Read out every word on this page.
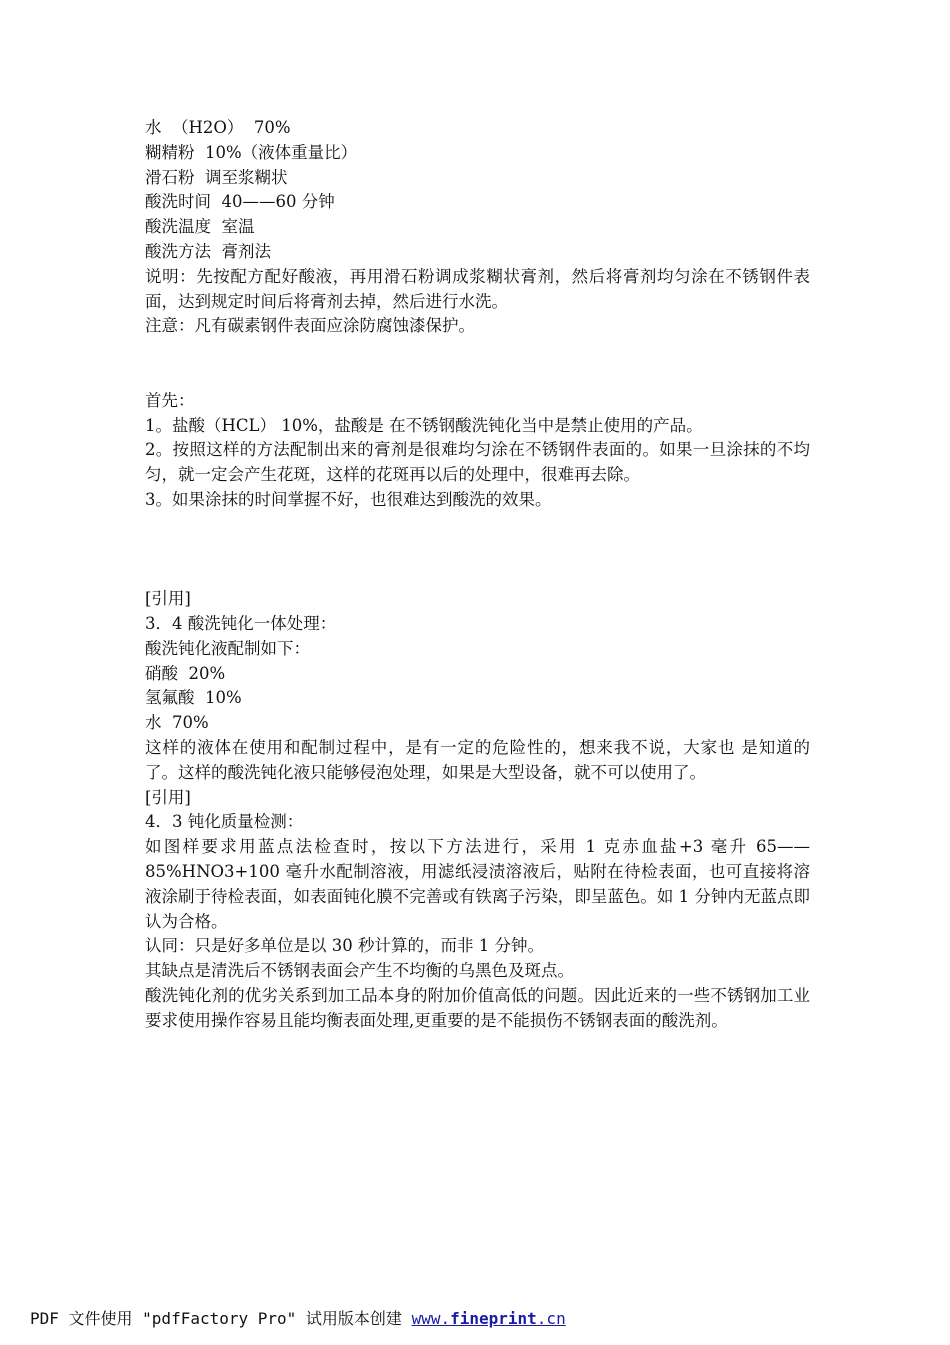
水  （H2O）  70%
糊精粉  10%（液体重量比）
滑石粉  调至浆糊状
酸洗时间  40——60 分钟
酸洗温度  室温
酸洗方法  膏剂法
说明：先按配方配好酸液，再用滑石粉调成浆糊状膏剂，然后将膏剂均匀涂在不锈钢件表面，达到规定时间后将膏剂去掉，然后进行水洗。
注意：凡有碳素钢件表面应涂防腐蚀漆保护。
首先：
1。盐酸（HCL） 10%，盐酸是 在不锈钢酸洗钝化当中是禁止使用的产品。
2。按照这样的方法配制出来的膏剂是很难均匀涂在不锈钢件表面的。如果一旦涂抹的不均匀，就一定会产生花斑，这样的花斑再以后的处理中，很难再去除。
3。如果涂抹的时间掌握不好，也很难达到酸洗的效果。
[引用]
3．4 酸洗钝化一体处理：
酸洗钝化液配制如下：
硝酸  20%
氢氟酸  10%
水  70%
这样的液体在使用和配制过程中，是有一定的危险性的，想来我不说，大家也 是知道的了。这样的酸洗钝化液只能够侵泡处理，如果是大型设备，就不可以使用了。
[引用]
4．3 钝化质量检测：
如图样要求用蓝点法检查时，按以下方法进行，采用 1 克赤血盐+3 毫升 65——85%HNO3+100 毫升水配制溶液，用滤纸浸渍溶液后，贴附在待检表面，也可直接将溶液涂刷于待检表面，如表面钝化膜不完善或有铁离子污染，即呈蓝色。如 1 分钟内无蓝点即认为合格。
认同：只是好多单位是以 30 秒计算的，而非 1 分钟。
其缺点是清洗后不锈钢表面会产生不均衡的乌黑色及斑点。
酸洗钝化剂的优劣关系到加工品本身的附加价值高低的问题。因此近来的一些不锈钢加工业要求使用操作容易且能均衡表面处理,更重要的是不能损伤不锈钢表面的酸洗剂。
PDF 文件使用 "pdfFactory Pro" 试用版本创建 www.fineprint.cn
